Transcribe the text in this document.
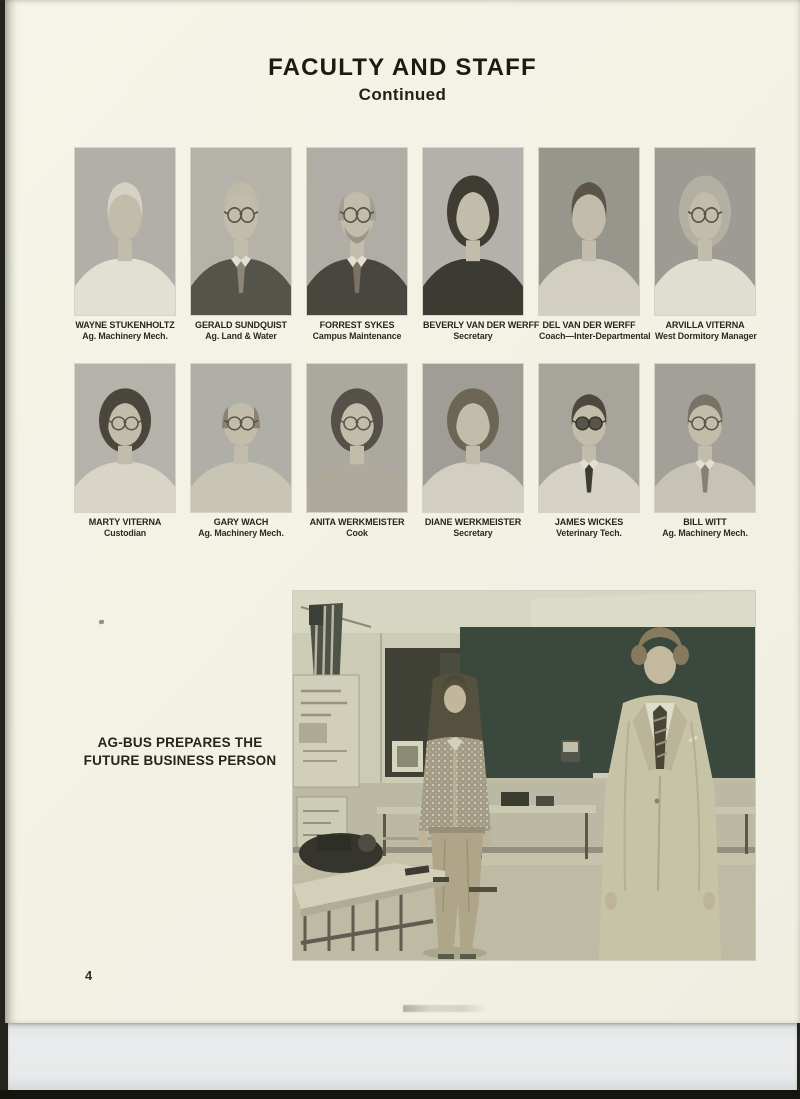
FACULTY AND STAFF
Continued
WAYNE STUKENHOLTZ
Ag. Machinery Mech.
GERALD SUNDQUIST
Ag. Land & Water
FORREST SYKES
Campus Maintenance
BEVERLY VAN DER WERFF
Secretary
DEL VAN DER WERFF
Coach—Inter-Departmental
ARVILLA VITERNA
West Dormitory Manager
MARTY VITERNA
Custodian
GARY WACH
Ag. Machinery Mech.
ANITA WERKMEISTER
Cook
DIANE WERKMEISTER
Secretary
JAMES WICKES
Veterinary Tech.
BILL WITT
Ag. Machinery Mech.
AG-BUS PREPARES THE
FUTURE BUSINESS PERSON
4
